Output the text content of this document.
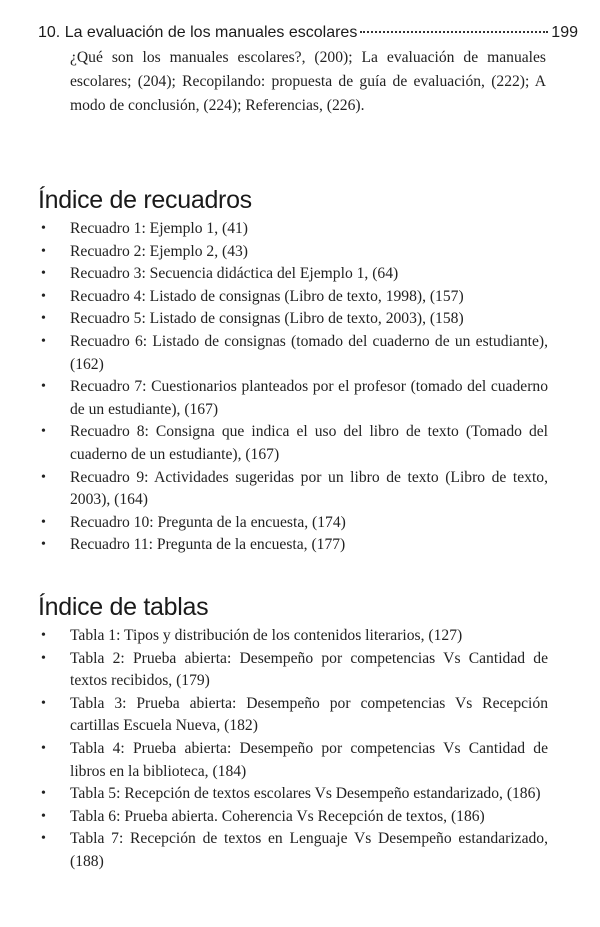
10. La evaluación de los manuales escolares	199
¿Qué son los manuales escolares?, (200); La evaluación de manuales escolares; (204); Recopilando: propuesta de guía de evaluación, (222); A modo de conclusión, (224); Referencias, (226).
Índice de recuadros
• Recuadro 1: Ejemplo 1, (41)
• Recuadro 2: Ejemplo 2, (43)
• Recuadro 3: Secuencia didáctica del Ejemplo 1, (64)
• Recuadro 4: Listado de consignas (Libro de texto, 1998), (157)
• Recuadro 5: Listado de consignas (Libro de texto, 2003), (158)
• Recuadro 6: Listado de consignas (tomado del cuaderno de un estudiante), (162)
• Recuadro 7: Cuestionarios planteados por el profesor (tomado del cuaderno de un estudiante), (167)
• Recuadro 8: Consigna que indica el uso del libro de texto (Tomado del cuaderno de un estudiante), (167)
• Recuadro 9: Actividades sugeridas por un libro de texto (Libro de texto, 2003), (164)
• Recuadro 10: Pregunta de la encuesta, (174)
• Recuadro 11: Pregunta de la encuesta, (177)
Índice de tablas
• Tabla 1: Tipos y distribución de los contenidos literarios, (127)
• Tabla 2: Prueba abierta: Desempeño por competencias Vs Cantidad de textos recibidos, (179)
• Tabla 3: Prueba abierta: Desempeño por competencias Vs Recepción cartillas Escuela Nueva, (182)
• Tabla 4: Prueba abierta: Desempeño por competencias Vs Cantidad de libros en la biblioteca, (184)
• Tabla 5: Recepción de textos escolares Vs Desempeño estandarizado, (186)
• Tabla 6: Prueba abierta. Coherencia Vs Recepción de textos, (186)
• Tabla 7: Recepción de textos en Lenguaje Vs Desempeño estandarizado, (188)
